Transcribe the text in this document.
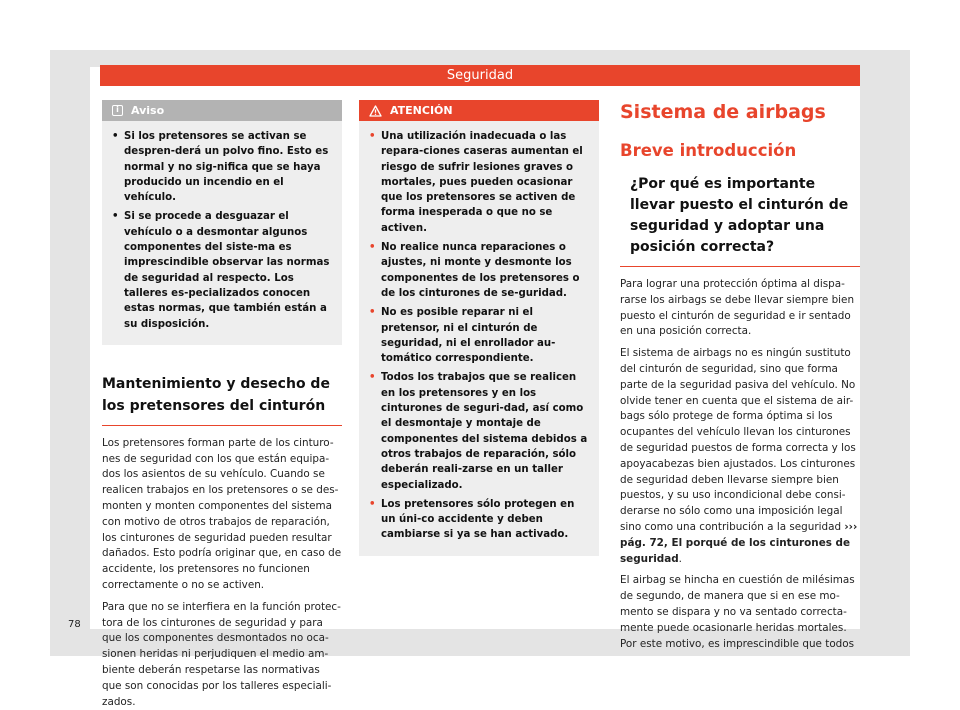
Seguridad
i	Aviso
• Si los pretensores se activan se despren-derá un polvo fino. Esto es normal y no sig-nifica que se haya producido un incendio en el vehículo.
• Si se procede a desguazar el vehículo o a desmontar algunos componentes del siste-ma es imprescindible observar las normas de seguridad al respecto. Los talleres es-pecializados conocen estas normas, que también están a su disposición.
Mantenimiento y desecho de los pretensores del cinturón

Los pretensores forman parte de los cinturo-nes de seguridad con los que están equipa-dos los asientos de su vehículo. Cuando se realicen trabajos en los pretensores o se des-monten y monten componentes del sistema con motivo de otros trabajos de reparación, los cinturones de seguridad pueden resultar dañados. Esto podría originar que, en caso de accidente, los pretensores no funcionen correctamente o no se activen.

Para que no se interfiera en la función protec-tora de los cinturones de seguridad y para que los componentes desmontados no oca-sionen heridas ni perjudiquen el medio am-biente deberán respetarse las normativas que son conocidas por los talleres especiali-zados.

ATENCIÓN
• Una utilización inadecuada o las repara-ciones caseras aumentan el riesgo de sufrir lesiones graves o mortales, pues pueden ocasionar que los pretensores se activen de forma inesperada o que no se activen.
• No realice nunca reparaciones o ajustes, ni monte y desmonte los componentes de los pretensores o de los cinturones de se-guridad.
• No es posible reparar ni el pretensor, ni el cinturón de seguridad, ni el enrollador au-tomático correspondiente.
• Todos los trabajos que se realicen en los pretensores y en los cinturones de seguri-dad, así como el desmontaje y montaje de componentes del sistema debidos a otros trabajos de reparación, sólo deberán reali-zarse en un taller especializado.
• Los pretensores sólo protegen en un úni-co accidente y deben cambiarse si ya se han activado.
Sistema de airbags
Breve introducción
¿Por qué es importante llevar puesto el cinturón de seguridad y adoptar una posición correcta?

Para lograr una protección óptima al dispa-rarse los airbags se debe llevar siempre bien puesto el cinturón de seguridad e ir sentado en una posición correcta.

El sistema de airbags no es ningún sustituto del cinturón de seguridad, sino que forma parte de la seguridad pasiva del vehículo. No olvide tener en cuenta que el sistema de air-bags sólo protege de forma óptima si los ocupantes del vehículo llevan los cinturones de seguridad puestos de forma correcta y los apoyacabezas bien ajustados. Los cinturones de seguridad deben llevarse siempre bien puestos, y su uso incondicional debe consi-derarse no sólo como una imposición legal sino como una contribución a la seguridad ››› pág. 72, El porqué de los cinturones de seguridad.

El airbag se hincha en cuestión de milésimas de segundo, de manera que si en ese mo-mento se dispara y no va sentado correcta-mente puede ocasionarle heridas mortales. Por este motivo, es imprescindible que todos

78
